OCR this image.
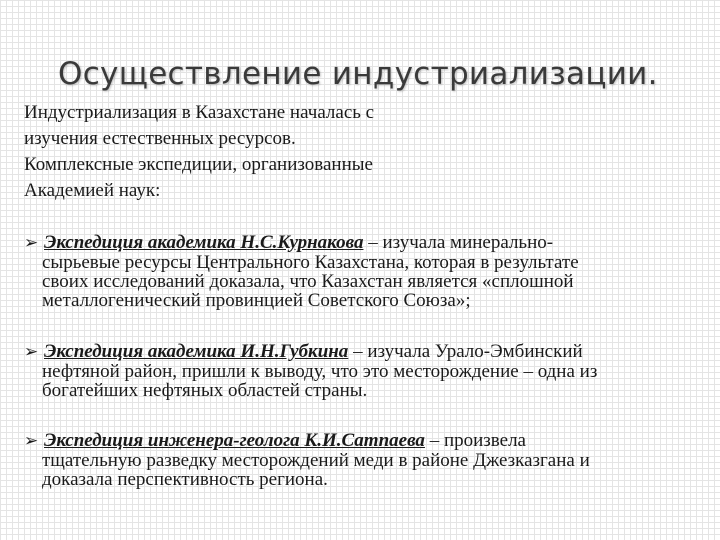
Осуществление индустриализации.

Индустриализация в Казахстане началась с

изучения естественных ресурсов.

Комплексные экспедиции, организованные

Академией наук:

➢ Экспедиция академика Н.С.Курнакова – изучала минерально-
сырьевые ресурсы Центрального Казахстана, которая в результате
своих исследований доказала, что Казахстан является «сплошной
металлогенический провинцией Советского Союза»;
➢ Экспедиция академика И.Н.Губкина – изучала Урало-Эмбинский
нефтяной район, пришли к выводу, что это месторождение – одна из
богатейших нефтяных областей страны.
➢ Экспедиция инженера-геолога К.И.Сатпаева – произвела
тщательную разведку месторождений меди в районе Джезказгана и
доказала перспективность региона.
